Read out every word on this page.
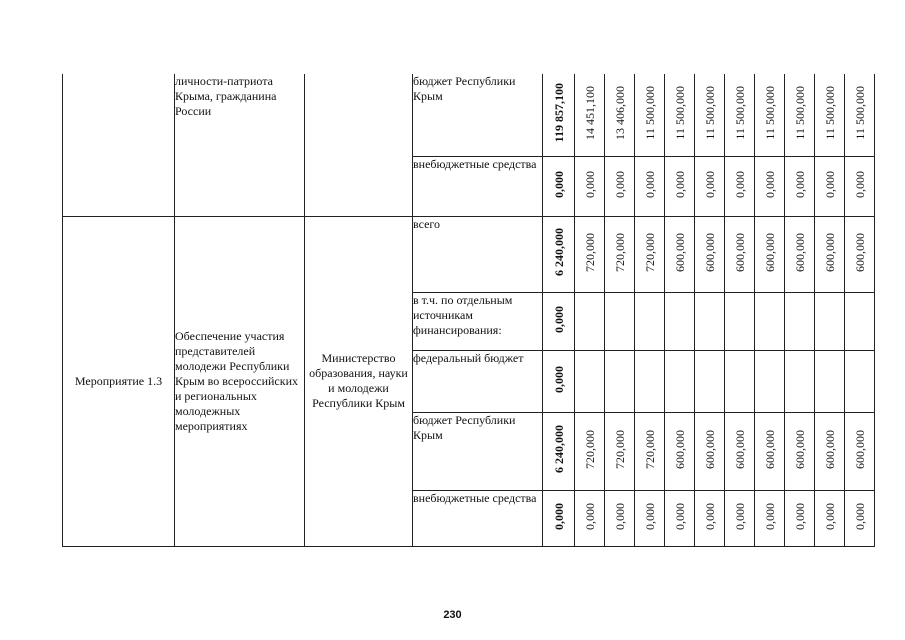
	личности-патриота Крыма, гражданина России		бюджет Республики Крым	119 857,100	14 451,100	13 406,000	11 500,000	11 500,000	11 500,000	11 500,000	11 500,000	11 500,000	11 500,000	11 500,000
			внебюджетные средства	0,000	0,000	0,000	0,000	0,000	0,000	0,000	0,000	0,000	0,000	0,000
Мероприятие 1.3	Обеспечение участия представителей молодежи Республики Крым во всероссийских и региональных молодежных мероприятиях	Министерство образования, науки и молодежи Республики Крым	всего	6 240,000	720,000	720,000	720,000	600,000	600,000	600,000	600,000	600,000	600,000	600,000
			в т.ч. по отдельным источникам финансирования:	0,000										
			федеральный бюджет	0,000										
			бюджет Республики Крым	6 240,000	720,000	720,000	720,000	600,000	600,000	600,000	600,000	600,000	600,000	600,000
			внебюджетные средства	0,000	0,000	0,000	0,000	0,000	0,000	0,000	0,000	0,000	0,000	0,000
230
